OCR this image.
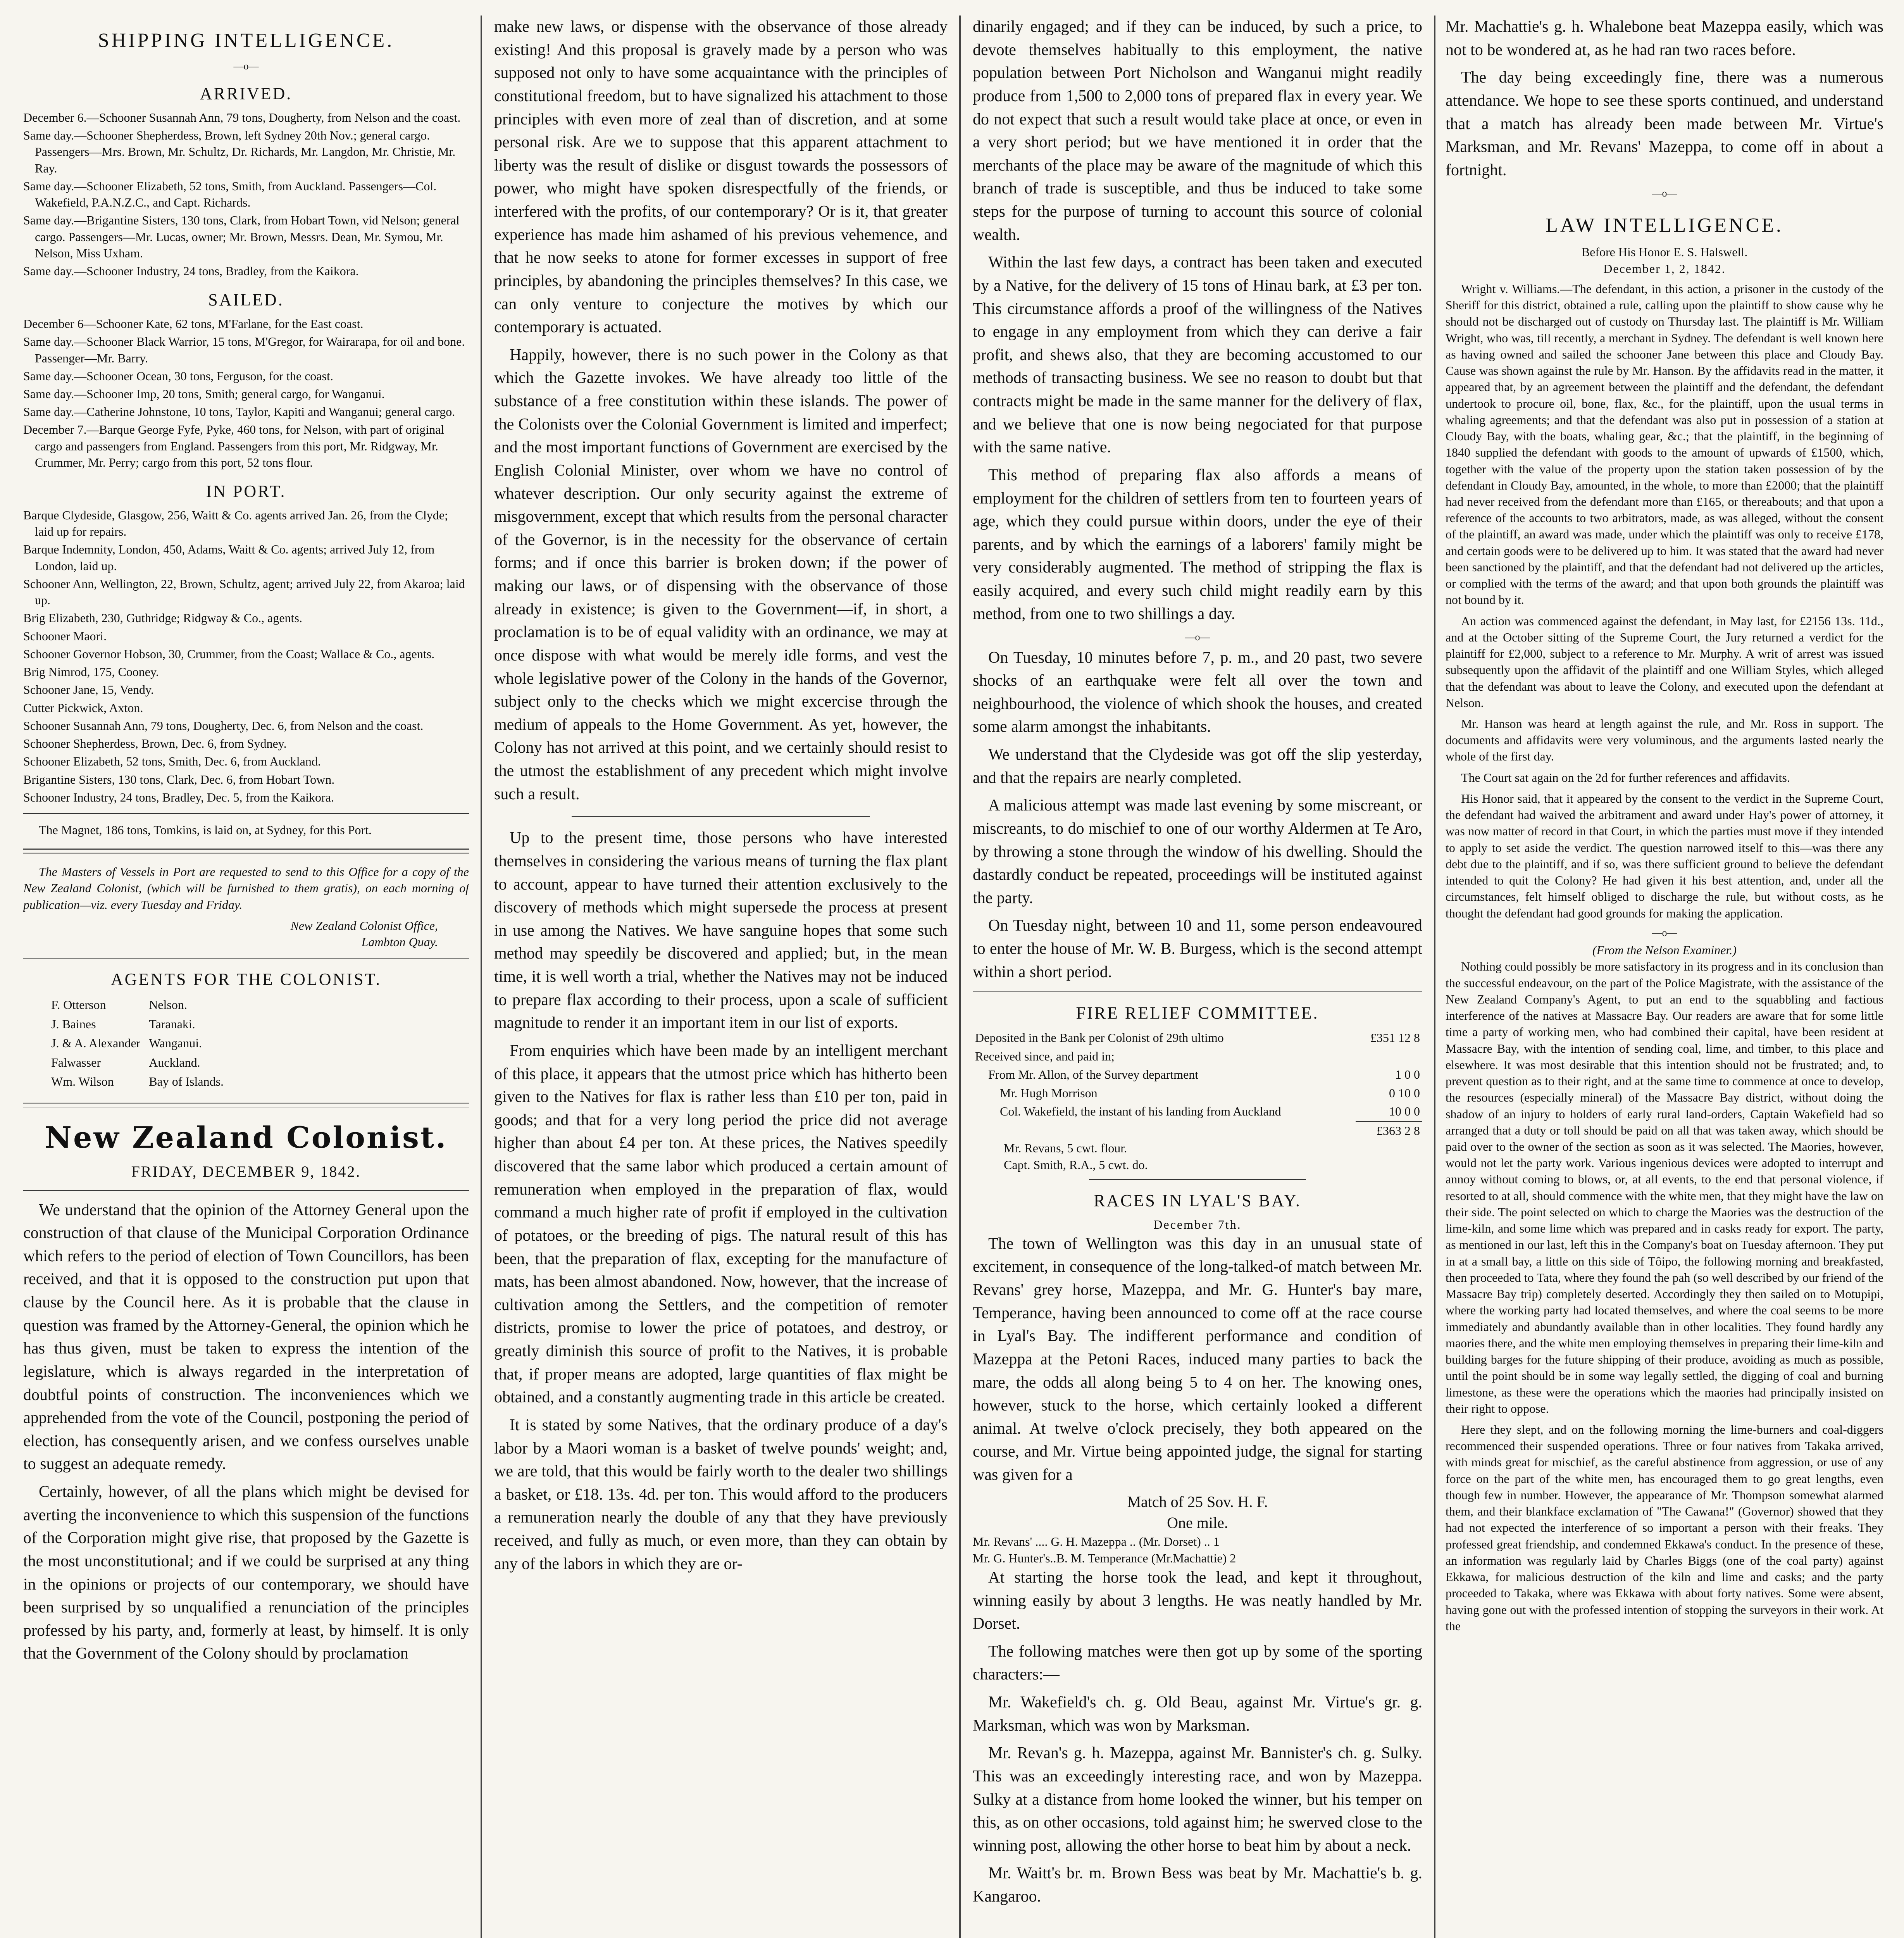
SHIPPING INTELLIGENCE.
—o—
ARRIVED.
December 6.—Schooner Susannah Ann, 79 tons, Dougherty, from Nelson and the coast.
Same day.—Schooner Shepherdess, Brown, left Sydney 20th Nov.; general cargo. Passengers—Mrs. Brown, Mr. Schultz, Dr. Richards, Mr. Langdon, Mr. Christie, Mr. Ray.
Same day.—Schooner Elizabeth, 52 tons, Smith, from Auckland. Passengers—Col. Wakefield, P.A.N.Z.C., and Capt. Richards.
Same day.—Brigantine Sisters, 130 tons, Clark, from Hobart Town, vid Nelson; general cargo. Passengers—Mr. Lucas, owner; Mr. Brown, Messrs. Dean, Mr. Symou, Mr. Nelson, Miss Uxham.
Same day.—Schooner Industry, 24 tons, Bradley, from the Kaikora.
SAILED.
December 6—Schooner Kate, 62 tons, M'Farlane, for the East coast.
Same day.—Schooner Black Warrior, 15 tons, M'Gregor, for Wairarapa, for oil and bone. Passenger—Mr. Barry.
Same day.—Schooner Ocean, 30 tons, Ferguson, for the coast.
Same day.—Schooner Imp, 20 tons, Smith; general cargo, for Wanganui.
Same day.—Catherine Johnstone, 10 tons, Taylor, Kapiti and Wanganui; general cargo.
December 7.—Barque George Fyfe, Pyke, 460 tons, for Nelson, with part of original cargo and passengers from England. Passengers from this port, Mr. Ridgway, Mr. Crummer, Mr. Perry; cargo from this port, 52 tons flour.
IN PORT.
Barque Clydeside, Glasgow, 256, Waitt & Co. agents arrived Jan. 26, from the Clyde; laid up for repairs.
Barque Indemnity, London, 450, Adams, Waitt & Co. agents; arrived July 12, from London, laid up.
Schooner Ann, Wellington, 22, Brown, Schultz, agent; arrived July 22, from Akaroa; laid up.
Brig Elizabeth, 230, Guthridge; Ridgway & Co., agents.
Schooner Maori.
Schooner Governor Hobson, 30, Crummer, from the Coast; Wallace & Co., agents.
Brig Nimrod, 175, Cooney.
Schooner Jane, 15, Vendy.
Cutter Pickwick, Axton.
Schooner Susannah Ann, 79 tons, Dougherty, Dec. 6, from Nelson and the coast.
Schooner Shepherdess, Brown, Dec. 6, from Sydney.
Schooner Elizabeth, 52 tons, Smith, Dec. 6, from Auckland.
Brigantine Sisters, 130 tons, Clark, Dec. 6, from Hobart Town.
Schooner Industry, 24 tons, Bradley, Dec. 5, from the Kaikora.

The Magnet, 186 tons, Tomkins, is laid on, at Sydney, for this Port.

The Masters of Vessels in Port are requested to send to this Office for a copy of the New Zealand Colonist, (which will be furnished to them gratis), on each morning of publication—viz. every Tuesday and Friday.

New Zealand Colonist Office,
Lambton Quay.
AGENTS FOR THE COLONIST.
F. Otterson	Nelson.
J. Baines	Taranaki.
J. & A. Alexander	Wanganui.
Falwasser	Auckland.
Wm. Wilson	Bay of Islands.
New Zealand Colonist.
FRIDAY, DECEMBER 9, 1842.

We understand that the opinion of the Attorney General upon the construction of that clause of the Municipal Corporation Ordinance which refers to the period of election of Town Councillors, has been received, and that it is opposed to the construction put upon that clause by the Council here. As it is probable that the clause in question was framed by the Attorney-General, the opinion which he has thus given, must be taken to express the intention of the legislature, which is always regarded in the interpretation of doubtful points of construction. The inconveniences which we apprehended from the vote of the Council, postponing the period of election, has consequently arisen, and we confess ourselves unable to suggest an adequate remedy.

Certainly, however, of all the plans which might be devised for averting the inconvenience to which this suspension of the functions of the Corporation might give rise, that proposed by the Gazette is the most unconstitutional; and if we could be surprised at any thing in the opinions or projects of our contemporary, we should have been surprised by so unqualified a renunciation of the principles professed by his party, and, formerly at least, by himself. It is only that the Government of the Colony should by proclamation

make new laws, or dispense with the observance of those already existing! And this proposal is gravely made by a person who was supposed not only to have some acquaintance with the principles of constitutional freedom, but to have signalized his attachment to those principles with even more of zeal than of discretion, and at some personal risk. Are we to suppose that this apparent attachment to liberty was the result of dislike or disgust towards the possessors of power, who might have spoken disrespectfully of the friends, or interfered with the profits, of our contemporary? Or is it, that greater experience has made him ashamed of his previous vehemence, and that he now seeks to atone for former excesses in support of free principles, by abandoning the principles themselves? In this case, we can only venture to conjecture the motives by which our contemporary is actuated.

Happily, however, there is no such power in the Colony as that which the Gazette invokes. We have already too little of the substance of a free constitution within these islands. The power of the Colonists over the Colonial Government is limited and imperfect; and the most important functions of Government are exercised by the English Colonial Minister, over whom we have no control of whatever description. Our only security against the extreme of misgovernment, except that which results from the personal character of the Governor, is in the necessity for the observance of certain forms; and if once this barrier is broken down; if the power of making our laws, or of dispensing with the observance of those already in existence; is given to the Government—if, in short, a proclamation is to be of equal validity with an ordinance, we may at once dispose with what would be merely idle forms, and vest the whole legislative power of the Colony in the hands of the Governor, subject only to the checks which we might excercise through the medium of appeals to the Home Government. As yet, however, the Colony has not arrived at this point, and we certainly should resist to the utmost the establishment of any precedent which might involve such a result.

Up to the present time, those persons who have interested themselves in considering the various means of turning the flax plant to account, appear to have turned their attention exclusively to the discovery of methods which might supersede the process at present in use among the Natives. We have sanguine hopes that some such method may speedily be discovered and applied; but, in the mean time, it is well worth a trial, whether the Natives may not be induced to prepare flax according to their process, upon a scale of sufficient magnitude to render it an important item in our list of exports.

From enquiries which have been made by an intelligent merchant of this place, it appears that the utmost price which has hitherto been given to the Natives for flax is rather less than £10 per ton, paid in goods; and that for a very long period the price did not average higher than about £4 per ton. At these prices, the Natives speedily discovered that the same labor which produced a certain amount of remuneration when employed in the preparation of flax, would command a much higher rate of profit if employed in the cultivation of potatoes, or the breeding of pigs. The natural result of this has been, that the preparation of flax, excepting for the manufacture of mats, has been almost abandoned. Now, however, that the increase of cultivation among the Settlers, and the competition of remoter districts, promise to lower the price of potatoes, and destroy, or greatly diminish this source of profit to the Natives, it is probable that, if proper means are adopted, large quantities of flax might be obtained, and a constantly augmenting trade in this article be created.

It is stated by some Natives, that the ordinary produce of a day's labor by a Maori woman is a basket of twelve pounds' weight; and, we are told, that this would be fairly worth to the dealer two shillings a basket, or £18. 13s. 4d. per ton. This would afford to the producers a remuneration nearly the double of any that they have previously received, and fully as much, or even more, than they can obtain by any of the labors in which they are or-

dinarily engaged; and if they can be induced, by such a price, to devote themselves habitually to this employment, the native population between Port Nicholson and Wanganui might readily produce from 1,500 to 2,000 tons of prepared flax in every year. We do not expect that such a result would take place at once, or even in a very short period; but we have mentioned it in order that the merchants of the place may be aware of the magnitude of which this branch of trade is susceptible, and thus be induced to take some steps for the purpose of turning to account this source of colonial wealth.

Within the last few days, a contract has been taken and executed by a Native, for the delivery of 15 tons of Hinau bark, at £3 per ton. This circumstance affords a proof of the willingness of the Natives to engage in any employment from which they can derive a fair profit, and shews also, that they are becoming accustomed to our methods of transacting business. We see no reason to doubt but that contracts might be made in the same manner for the delivery of flax, and we believe that one is now being negociated for that purpose with the same native.

This method of preparing flax also affords a means of employment for the children of settlers from ten to fourteen years of age, which they could pursue within doors, under the eye of their parents, and by which the earnings of a laborers' family might be very considerably augmented. The method of stripping the flax is easily acquired, and every such child might readily earn by this method, from one to two shillings a day.

—o—

On Tuesday, 10 minutes before 7, p. m., and 20 past, two severe shocks of an earthquake were felt all over the town and neighbourhood, the violence of which shook the houses, and created some alarm amongst the inhabitants.

We understand that the Clydeside was got off the slip yesterday, and that the repairs are nearly completed.

A malicious attempt was made last evening by some miscreant, or miscreants, to do mischief to one of our worthy Aldermen at Te Aro, by throwing a stone through the window of his dwelling. Should the dastardly conduct be repeated, proceedings will be instituted against the party.

On Tuesday night, between 10 and 11, some person endeavoured to enter the house of Mr. W. B. Burgess, which is the second attempt within a short period.

FIRE RELIEF COMMITTEE.
Deposited in the Bank per Colonist of 29th ultimo	£351 12 8
Received since, and paid in;	
From Mr. Allon, of the Survey department	1 0 0
Mr. Hugh Morrison	0 10 0
Col. Wakefield, the instant of his landing from Auckland	10 0 0
	£363 2 8
Mr. Revans, 5 cwt. flour.
Capt. Smith, R.A., 5 cwt. do.
RACES IN LYAL'S BAY.
December 7th.

The town of Wellington was this day in an unusual state of excitement, in consequence of the long-talked-of match between Mr. Revans' grey horse, Mazeppa, and Mr. G. Hunter's bay mare, Temperance, having been announced to come off at the race course in Lyal's Bay. The indifferent performance and condition of Mazeppa at the Petoni Races, induced many parties to back the mare, the odds all along being 5 to 4 on her. The knowing ones, however, stuck to the horse, which certainly looked a different animal. At twelve o'clock precisely, they both appeared on the course, and Mr. Virtue being appointed judge, the signal for starting was given for a

Match of 25 Sov. H. F.
One mile.
Mr. Revans' .... G. H. Mazeppa .. (Mr. Dorset) .. 1
Mr. G. Hunter's..B. M. Temperance (Mr.Machattie) 2

At starting the horse took the lead, and kept it throughout, winning easily by about 3 lengths. He was neatly handled by Mr. Dorset.

The following matches were then got up by some of the sporting characters:—

Mr. Wakefield's ch. g. Old Beau, against Mr. Virtue's gr. g. Marksman, which was won by Marksman.

Mr. Revan's g. h. Mazeppa, against Mr. Bannister's ch. g. Sulky. This was an exceedingly interesting race, and won by Mazeppa. Sulky at a distance from home looked the winner, but his temper on this, as on other occasions, told against him; he swerved close to the winning post, allowing the other horse to beat him by about a neck.

Mr. Waitt's br. m. Brown Bess was beat by Mr. Machattie's b. g. Kangaroo.

Mr. Machattie's g. h. Whalebone beat Mazeppa easily, which was not to be wondered at, as he had ran two races before.

The day being exceedingly fine, there was a numerous attendance. We hope to see these sports continued, and understand that a match has already been made between Mr. Virtue's Marksman, and Mr. Revans' Mazeppa, to come off in about a fortnight.

—o—
LAW INTELLIGENCE.
Before His Honor E. S. Halswell.
December 1, 2, 1842.

Wright v. Williams.—The defendant, in this action, a prisoner in the custody of the Sheriff for this district, obtained a rule, calling upon the plaintiff to show cause why he should not be discharged out of custody on Thursday last. The plaintiff is Mr. William Wright, who was, till recently, a merchant in Sydney. The defendant is well known here as having owned and sailed the schooner Jane between this place and Cloudy Bay. Cause was shown against the rule by Mr. Hanson. By the affidavits read in the matter, it appeared that, by an agreement between the plaintiff and the defendant, the defendant undertook to procure oil, bone, flax, &c., for the plaintiff, upon the usual terms in whaling agreements; and that the defendant was also put in possession of a station at Cloudy Bay, with the boats, whaling gear, &c.; that the plaintiff, in the beginning of 1840 supplied the defendant with goods to the amount of upwards of £1500, which, together with the value of the property upon the station taken possession of by the defendant in Cloudy Bay, amounted, in the whole, to more than £2000; that the plaintiff had never received from the defendant more than £165, or thereabouts; and that upon a reference of the accounts to two arbitrators, made, as was alleged, without the consent of the plaintiff, an award was made, under which the plaintiff was only to receive £178, and certain goods were to be delivered up to him. It was stated that the award had never been sanctioned by the plaintiff, and that the defendant had not delivered up the articles, or complied with the terms of the award; and that upon both grounds the plaintiff was not bound by it.

An action was commenced against the defendant, in May last, for £2156 13s. 11d., and at the October sitting of the Supreme Court, the Jury returned a verdict for the plaintiff for £2,000, subject to a reference to Mr. Murphy. A writ of arrest was issued subsequently upon the affidavit of the plaintiff and one William Styles, which alleged that the defendant was about to leave the Colony, and executed upon the defendant at Nelson.

Mr. Hanson was heard at length against the rule, and Mr. Ross in support. The documents and affidavits were very voluminous, and the arguments lasted nearly the whole of the first day.

The Court sat again on the 2d for further references and affidavits.

His Honor said, that it appeared by the consent to the verdict in the Supreme Court, the defendant had waived the arbitrament and award under Hay's power of attorney, it was now matter of record in that Court, in which the parties must move if they intended to apply to set aside the verdict. The question narrowed itself to this—was there any debt due to the plaintiff, and if so, was there sufficient ground to believe the defendant intended to quit the Colony? He had given it his best attention, and, under all the circumstances, felt himself obliged to discharge the rule, but without costs, as he thought the defendant had good grounds for making the application.

—o—
(From the Nelson Examiner.)

Nothing could possibly be more satisfactory in its progress and in its conclusion than the successful endeavour, on the part of the Police Magistrate, with the assistance of the New Zealand Company's Agent, to put an end to the squabbling and factious interference of the natives at Massacre Bay. Our readers are aware that for some little time a party of working men, who had combined their capital, have been resident at Massacre Bay, with the intention of sending coal, lime, and timber, to this place and elsewhere. It was most desirable that this intention should not be frustrated; and, to prevent question as to their right, and at the same time to commence at once to develop, the resources (especially mineral) of the Massacre Bay district, without doing the shadow of an injury to holders of early rural land-orders, Captain Wakefield had so arranged that a duty or toll should be paid on all that was taken away, which should be paid over to the owner of the section as soon as it was selected. The Maories, however, would not let the party work. Various ingenious devices were adopted to interrupt and annoy without coming to blows, or, at all events, to the end that personal violence, if resorted to at all, should commence with the white men, that they might have the law on their side. The point selected on which to charge the Maories was the destruction of the lime-kiln, and some lime which was prepared and in casks ready for export. The party, as mentioned in our last, left this in the Company's boat on Tuesday afternoon. They put in at a small bay, a little on this side of Tôipo, the following morning and breakfasted, then proceeded to Tata, where they found the pah (so well described by our friend of the Massacre Bay trip) completely deserted. Accordingly they then sailed on to Motupipi, where the working party had located themselves, and where the coal seems to be more immediately and abundantly available than in other localities. They found hardly any maories there, and the white men employing themselves in preparing their lime-kiln and building barges for the future shipping of their produce, avoiding as much as possible, until the point should be in some way legally settled, the digging of coal and burning limestone, as these were the operations which the maories had principally insisted on their right to oppose.

Here they slept, and on the following morning the lime-burners and coal-diggers recommenced their suspended operations. Three or four natives from Takaka arrived, with minds great for mischief, as the careful abstinence from aggression, or use of any force on the part of the white men, has encouraged them to go great lengths, even though few in number. However, the appearance of Mr. Thompson somewhat alarmed them, and their blankface exclamation of "The Cawana!" (Governor) showed that they had not expected the interference of so important a person with their freaks. They professed great friendship, and condemned Ekkawa's conduct. In the presence of these, an information was regularly laid by Charles Biggs (one of the coal party) against Ekkawa, for malicious destruction of the kiln and lime and casks; and the party proceeded to Takaka, where was Ekkawa with about forty natives. Some were absent, having gone out with the professed intention of stopping the surveyors in their work. At the
